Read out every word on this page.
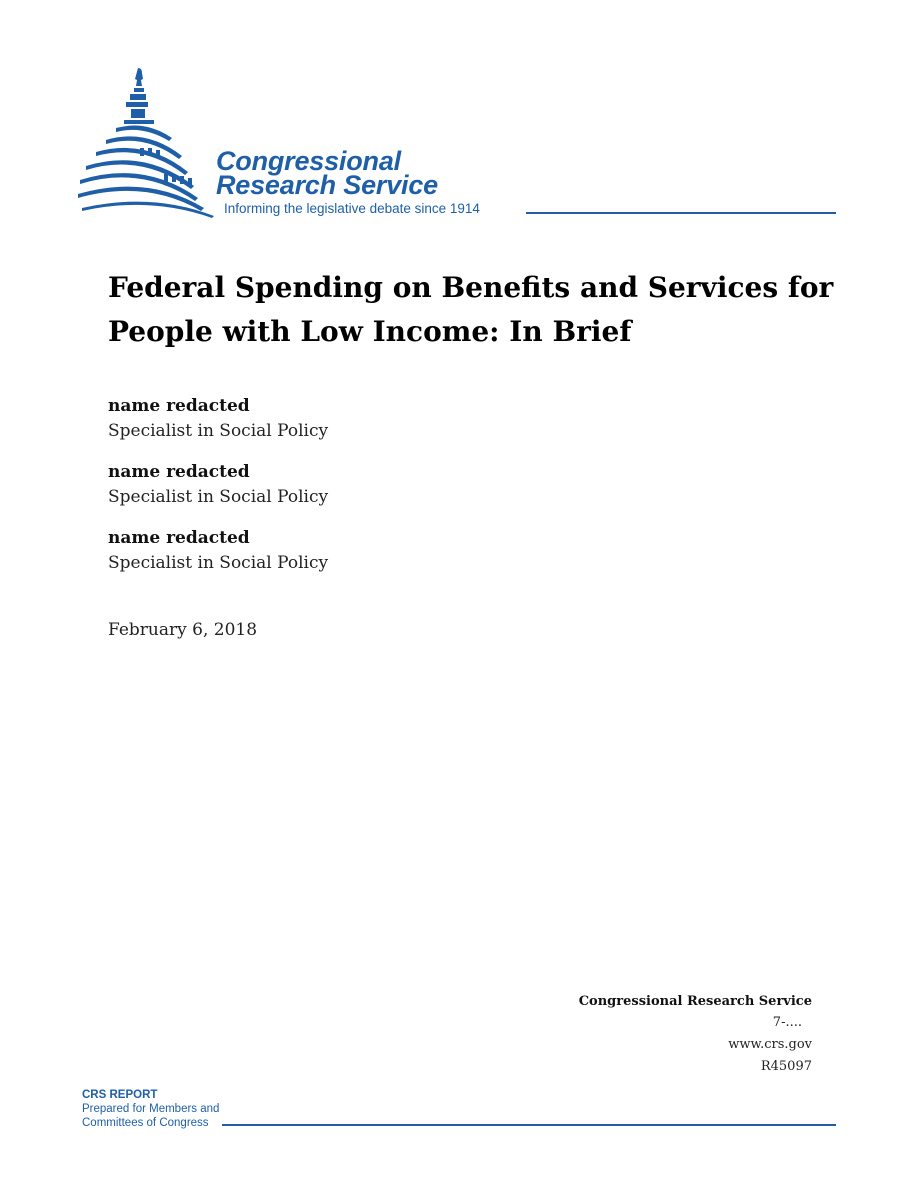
Congressional
Research Service
Informing the legislative debate since 1914
Federal Spending on Benefits and Services for
People with Low Income: In Brief
name redacted
Specialist in Social Policy
name redacted
Specialist in Social Policy
name redacted
Specialist in Social Policy
February 6, 2018
Congressional Research Service
7-....
www.crs.gov
R45097
CRS REPORT
Prepared for Members and
Committees of Congress
